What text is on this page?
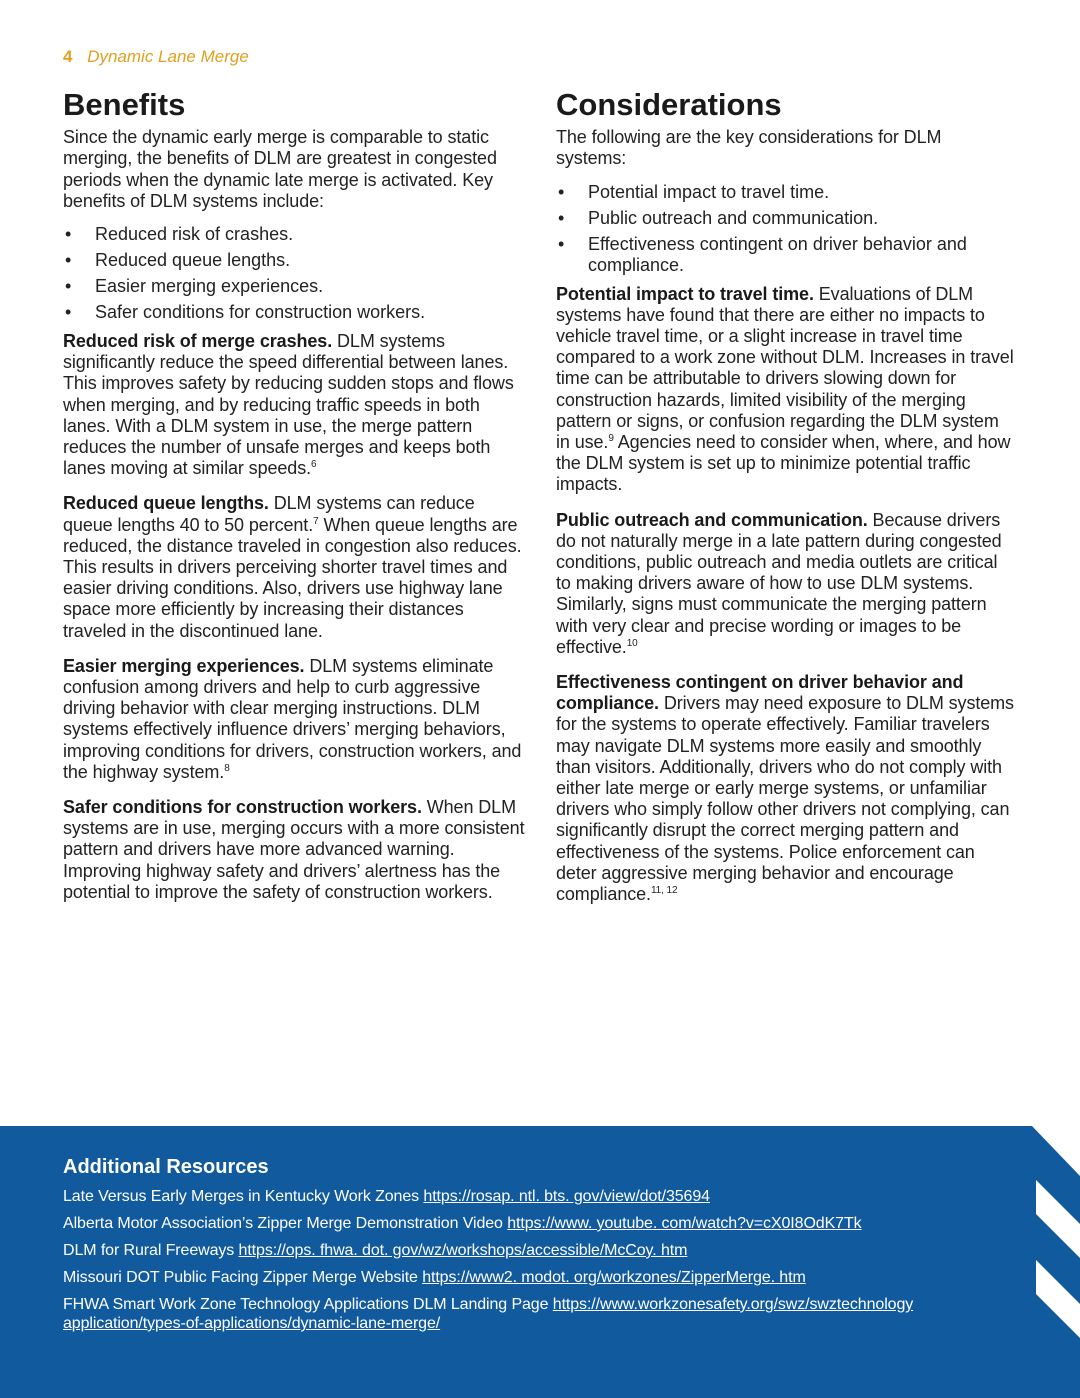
4 Dynamic Lane Merge
Benefits

Since the dynamic early merge is comparable to static merging, the benefits of DLM are greatest in congested periods when the dynamic late merge is activated. Key benefits of DLM systems include:

• Reduced risk of crashes.
• Reduced queue lengths.
• Easier merging experiences.
• Safer conditions for construction workers.

Reduced risk of merge crashes. DLM systems significantly reduce the speed differential between lanes. This improves safety by reducing sudden stops and flows when merging, and by reducing traffic speeds in both lanes. With a DLM system in use, the merge pattern reduces the number of unsafe merges and keeps both lanes moving at similar speeds.$^6$

Reduced queue lengths. DLM systems can reduce queue lengths 40 to 50 percent.$^7$ When queue lengths are reduced, the distance traveled in congestion also reduces. This results in drivers perceiving shorter travel times and easier driving conditions. Also, drivers use highway lane space more efficiently by increasing their distances traveled in the discontinued lane.

Easier merging experiences. DLM systems eliminate confusion among drivers and help to curb aggressive driving behavior with clear merging instructions. DLM systems effectively influence drivers’ merging behaviors, improving conditions for drivers, construction workers, and the highway system.$^8$

Safer conditions for construction workers. When DLM systems are in use, merging occurs with a more consistent pattern and drivers have more advanced warning. Improving highway safety and drivers’ alertness has the potential to improve the safety of construction workers.

Considerations

The following are the key considerations for DLM systems:

• Potential impact to travel time.
• Public outreach and communication.
• Effectiveness contingent on driver behavior and compliance.

Potential impact to travel time. Evaluations of DLM systems have found that there are either no impacts to vehicle travel time, or a slight increase in travel time compared to a work zone without DLM. Increases in travel time can be attributable to drivers slowing down for construction hazards, limited visibility of the merging pattern or signs, or confusion regarding the DLM system in use.$^9$ Agencies need to consider when, where, and how the DLM system is set up to minimize potential traffic impacts.

Public outreach and communication. Because drivers do not naturally merge in a late pattern during congested conditions, public outreach and media outlets are critical to making drivers aware of how to use DLM systems. Similarly, signs must communicate the merging pattern with very clear and precise wording or images to be effective.$^{10}$

Effectiveness contingent on driver behavior and compliance. Drivers may need exposure to DLM systems for the systems to operate effectively. Familiar travelers may navigate DLM systems more easily and smoothly than visitors. Additionally, drivers who do not comply with either late merge or early merge systems, or unfamiliar drivers who simply follow other drivers not complying, can significantly disrupt the correct merging pattern and effectiveness of the systems. Police enforcement can deter aggressive merging behavior and encourage compliance.$^{11, 12}$

Additional Resources
Late Versus Early Merges in Kentucky Work Zones https://rosap. ntl. bts. gov/view/dot/35694
Alberta Motor Association’s Zipper Merge Demonstration Video https://www. youtube. com/watch?v=cX0I8OdK7Tk
DLM for Rural Freeways https://ops. fhwa. dot. gov/wz/workshops/accessible/McCoy. htm
Missouri DOT Public Facing Zipper Merge Website https://www2. modot. org/workzones/ZipperMerge. htm
FHWA Smart Work Zone Technology Applications DLM Landing Page https://www.workzonesafety.org/swz/swztechnology application/types-of-applications/dynamic-lane-merge/
